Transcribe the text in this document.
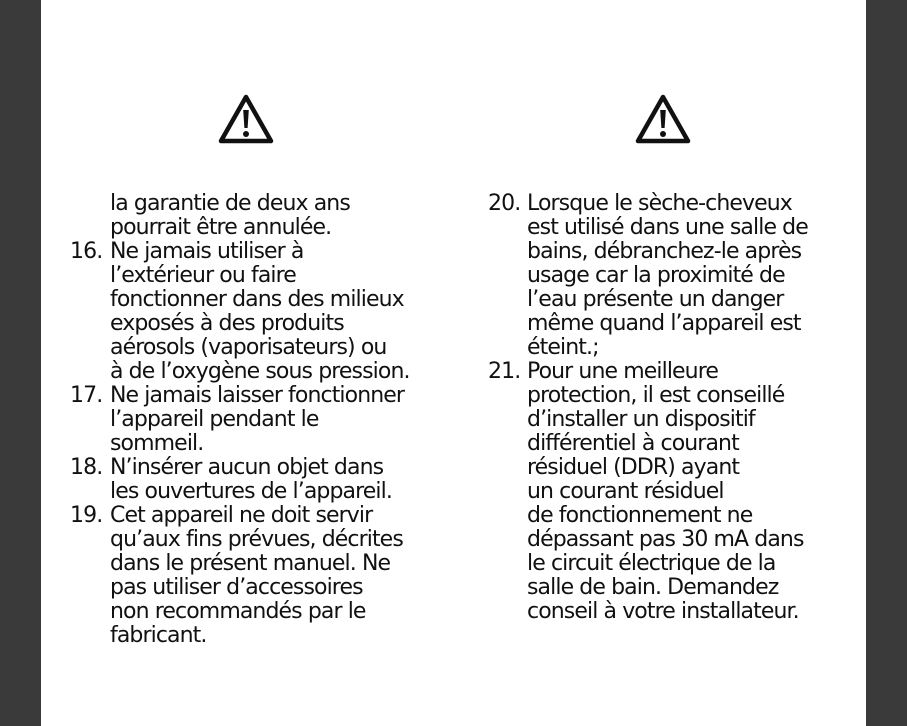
la garantie de deux ans
pourrait être annulée.
16. Ne jamais utiliser à
l’extérieur ou faire
fonctionner dans des milieux
exposés à des produits
aérosols (vaporisateurs) ou
à de l’oxygène sous pression.
17. Ne jamais laisser fonctionner
l’appareil pendant le
sommeil.
18. N’insérer aucun objet dans
les ouvertures de l’appareil.
19. Cet appareil ne doit servir
qu’aux fins prévues, décrites
dans le présent manuel. Ne
pas utiliser d’accessoires
non recommandés par le
fabricant.
20. Lorsque le sèche-cheveux
est utilisé dans une salle de
bains, débranchez-le après
usage car la proximité de
l’eau présente un danger
même quand l’appareil est
éteint.;
21. Pour une meilleure
protection, il est conseillé
d’installer un dispositif
différentiel à courant
résiduel (DDR) ayant
un courant résiduel
de fonctionnement ne
dépassant pas 30 mA dans
le circuit électrique de la
salle de bain. Demandez
conseil à votre installateur.
